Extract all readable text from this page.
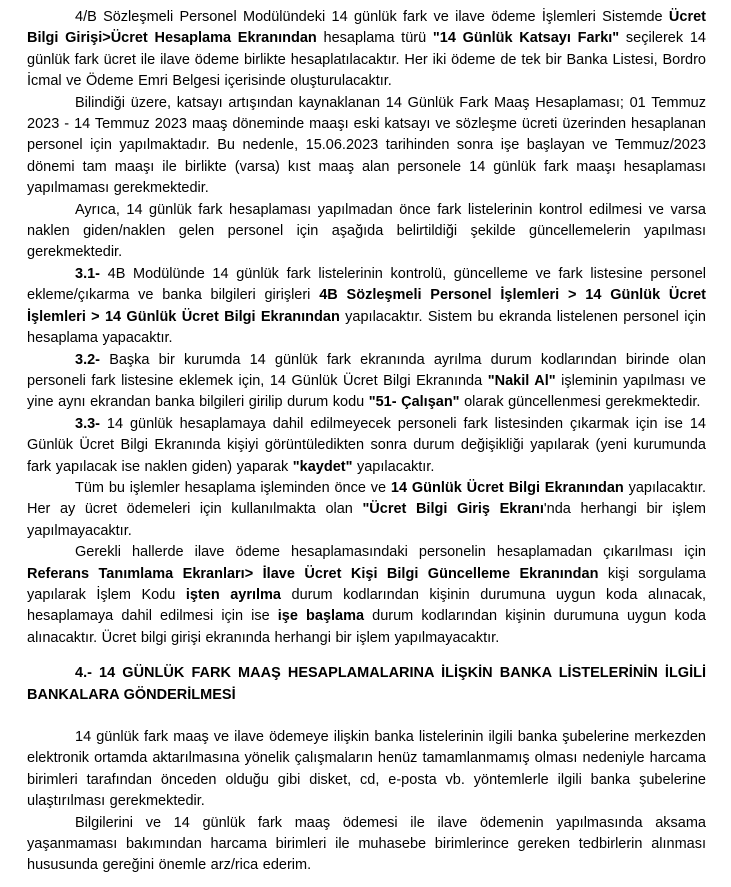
4/B Sözleşmeli Personel Modülündeki 14 günlük fark ve ilave ödeme İşlemleri Sistemde Ücret Bilgi Girişi>Ücret Hesaplama Ekranından hesaplama türü "14 Günlük Katsayı Farkı" seçilerek 14 günlük fark ücret ile ilave ödeme birlikte hesaplatılacaktır. Her iki ödeme de tek bir Banka Listesi, Bordro İcmal ve Ödeme Emri Belgesi içerisinde oluşturulacaktır.

Bilindiği üzere, katsayı artışından kaynaklanan 14 Günlük Fark Maaş Hesaplaması; 01 Temmuz 2023 - 14 Temmuz 2023 maaş döneminde maaşı eski katsayı ve sözleşme ücreti üzerinden hesaplanan personel için yapılmaktadır. Bu nedenle, 15.06.2023 tarihinden sonra işe başlayan ve Temmuz/2023 dönemi tam maaşı ile birlikte (varsa) kıst maaş alan personele 14 günlük fark maaşı hesaplaması yapılmaması gerekmektedir.

Ayrıca, 14 günlük fark hesaplaması yapılmadan önce fark listelerinin kontrol edilmesi ve varsa naklen giden/naklen gelen personel için aşağıda belirtildiği şekilde güncellemelerin yapılması gerekmektedir.

3.1- 4B Modülünde 14 günlük fark listelerinin kontrolü, güncelleme ve fark listesine personel ekleme/çıkarma ve banka bilgileri girişleri 4B Sözleşmeli Personel İşlemleri > 14 Günlük Ücret İşlemleri > 14 Günlük Ücret Bilgi Ekranından yapılacaktır. Sistem bu ekranda listelenen personel için hesaplama yapacaktır.

3.2- Başka bir kurumda 14 günlük fark ekranında ayrılma durum kodlarından birinde olan personeli fark listesine eklemek için, 14 Günlük Ücret Bilgi Ekranında "Nakil Al" işleminin yapılması ve yine aynı ekrandan banka bilgileri girilip durum kodu "51- Çalışan" olarak güncellenmesi gerekmektedir.

3.3- 14 günlük hesaplamaya dahil edilmeyecek personeli fark listesinden çıkarmak için ise 14 Günlük Ücret Bilgi Ekranında kişiyi görüntüledikten sonra durum değişikliği yapılarak (yeni kurumunda fark yapılacak ise naklen giden) yaparak "kaydet" yapılacaktır.

Tüm bu işlemler hesaplama işleminden önce ve 14 Günlük Ücret Bilgi Ekranından yapılacaktır. Her ay ücret ödemeleri için kullanılmakta olan "Ücret Bilgi Giriş Ekranı'nda herhangi bir işlem yapılmayacaktır.

Gerekli hallerde ilave ödeme hesaplamasındaki personelin hesaplamadan çıkarılması için Referans Tanımlama Ekranları> İlave Ücret Kişi Bilgi Güncelleme Ekranından kişi sorgulama yapılarak İşlem Kodu işten ayrılma durum kodlarından kişinin durumuna uygun koda alınacak, hesaplamaya dahil edilmesi için ise işe başlama durum kodlarından kişinin durumuna uygun koda alınacaktır. Ücret bilgi girişi ekranında herhangi bir işlem yapılmayacaktır.

4.- 14 GÜNLÜK FARK MAAŞ HESAPLAMALARINA İLİŞKİN BANKA LİSTELERİNİN İLGİLİ BANKALARA GÖNDERİLMESİ

14 günlük fark maaş ve ilave ödemeye ilişkin banka listelerinin ilgili banka şubelerine merkezden elektronik ortamda aktarılmasına yönelik çalışmaların henüz tamamlanmamış olması nedeniyle harcama birimleri tarafından önceden olduğu gibi disket, cd, e-posta vb. yöntemlerle ilgili banka şubelerine ulaştırılması gerekmektedir.

Bilgilerini ve 14 günlük fark maaş ödemesi ile ilave ödemenin yapılmasında aksama yaşanmaması bakımından harcama birimleri ile muhasebe birimlerince gereken tedbirlerin alınması hususunda gereğini önemle arz/rica ederim.
